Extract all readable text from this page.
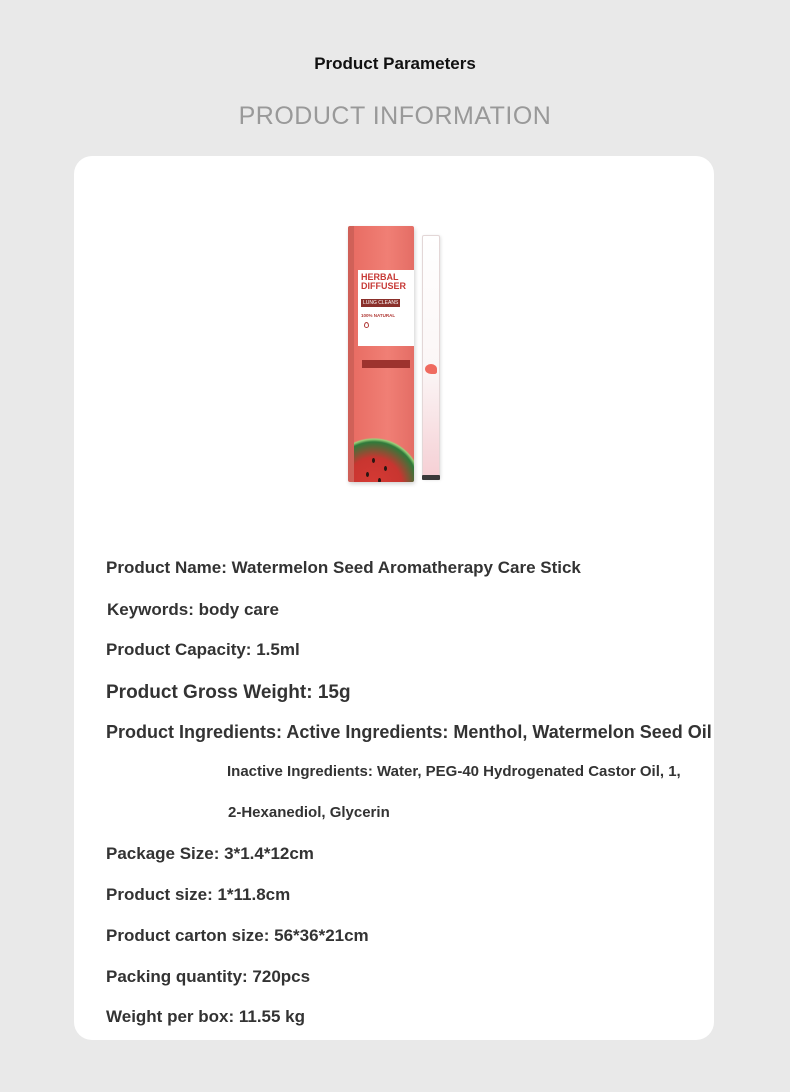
Product Parameters
PRODUCT INFORMATION
HERBAL
DIFFUSER
LUNG CLEANS
100% NATURAL
Product Name: Watermelon Seed Aromatherapy Care Stick
Keywords: body care
Product Capacity: 1.5ml
Product Gross Weight: 15g
Product Ingredients: Active Ingredients: Menthol, Watermelon Seed Oil
Inactive Ingredients: Water, PEG-40 Hydrogenated Castor Oil, 1,
2-Hexanediol, Glycerin
Package Size: 3*1.4*12cm
Product size: 1*11.8cm
Product carton size: 56*36*21cm
Packing quantity: 720pcs
Weight per box: 11.55 kg
